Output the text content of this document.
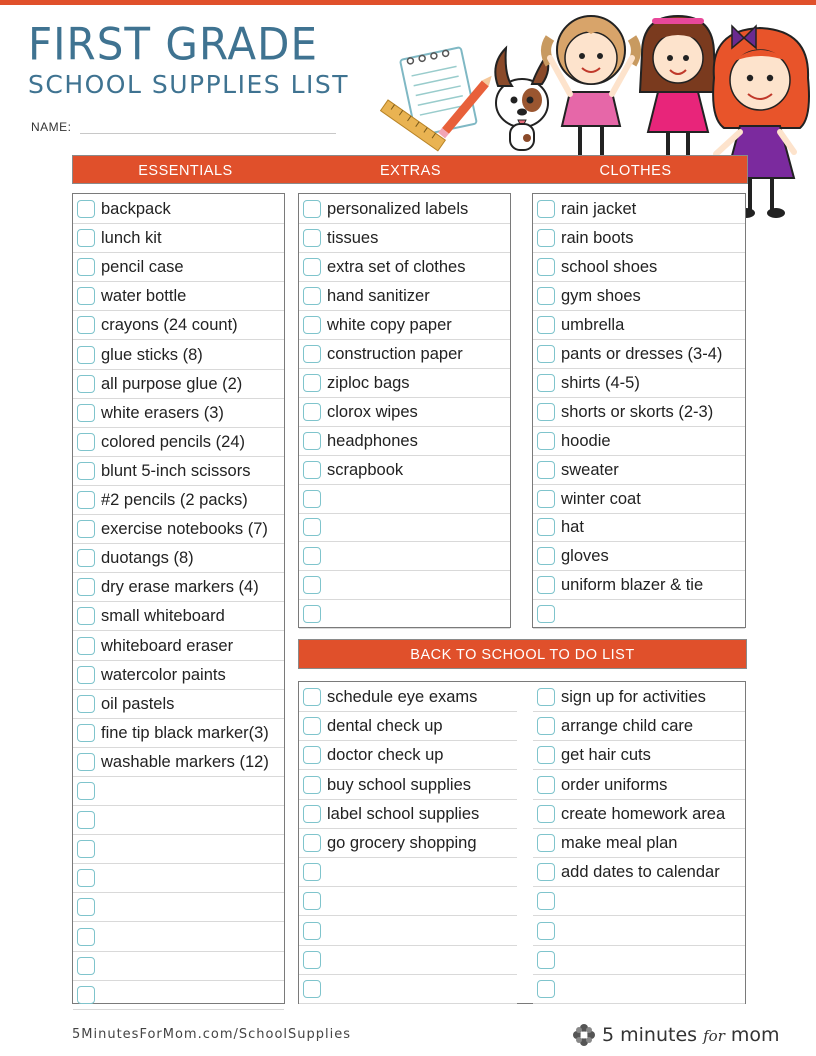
FIRST GRADE
SCHOOL SUPPLIES LIST
NAME:
ESSENTIALS	EXTRAS	CLOTHES
backpack
lunch kit
pencil case
water bottle
crayons (24 count)
glue sticks (8)
all purpose glue (2)
white erasers (3)
colored pencils (24)
blunt 5-inch scissors
#2 pencils (2 packs)
exercise notebooks (7)
duotangs (8)
dry erase markers (4)
small whiteboard
whiteboard eraser
watercolor paints
oil pastels
fine tip black marker(3)
washable markers (12)
personalized labels
tissues
extra set of clothes
hand sanitizer
white copy paper
construction paper
ziploc bags
clorox wipes
headphones
scrapbook
rain jacket
rain boots
school shoes
gym shoes
umbrella
pants or dresses (3-4)
shirts (4-5)
shorts or skorts (2-3)
hoodie
sweater
winter coat
hat
gloves
uniform blazer & tie
BACK TO SCHOOL TO DO LIST
schedule eye exams
dental check up
doctor check up
buy school supplies
label school supplies
go grocery shopping
sign up for activities
arrange child care
get hair cuts
order uniforms
create homework area
make meal plan
add dates to calendar
5MinutesForMom.com/SchoolSupplies	5 minutes for mom
